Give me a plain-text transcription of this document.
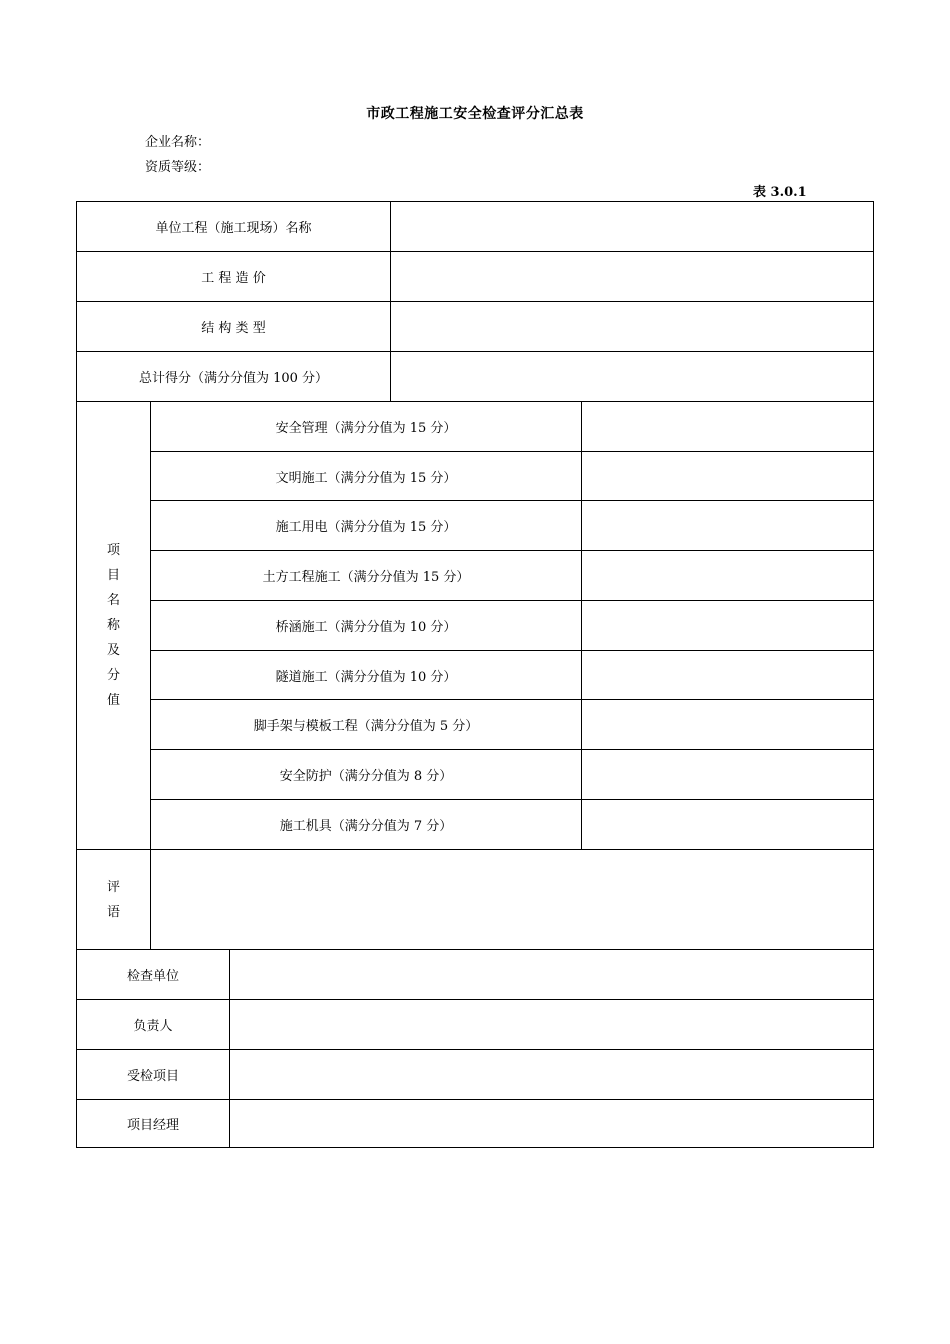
市政工程施工安全检查评分汇总表
企业名称：
资质等级：
表 3.0.1
单位工程（施工现场）名称
工 程 造 价
结 构 类 型
总计得分（满分分值为 100 分）
项
目
名
称
及
分
值
安全管理（满分分值为 15 分）
文明施工（满分分值为 15 分）
施工用电（满分分值为 15 分）
土方工程施工（满分分值为 15 分）
桥涵施工（满分分值为 10 分）
隧道施工（满分分值为 10 分）
脚手架与模板工程（满分分值为 5 分）
安全防护（满分分值为 8 分）
施工机具（满分分值为 7 分）
评
语
检查单位
负责人
受检项目
项目经理
